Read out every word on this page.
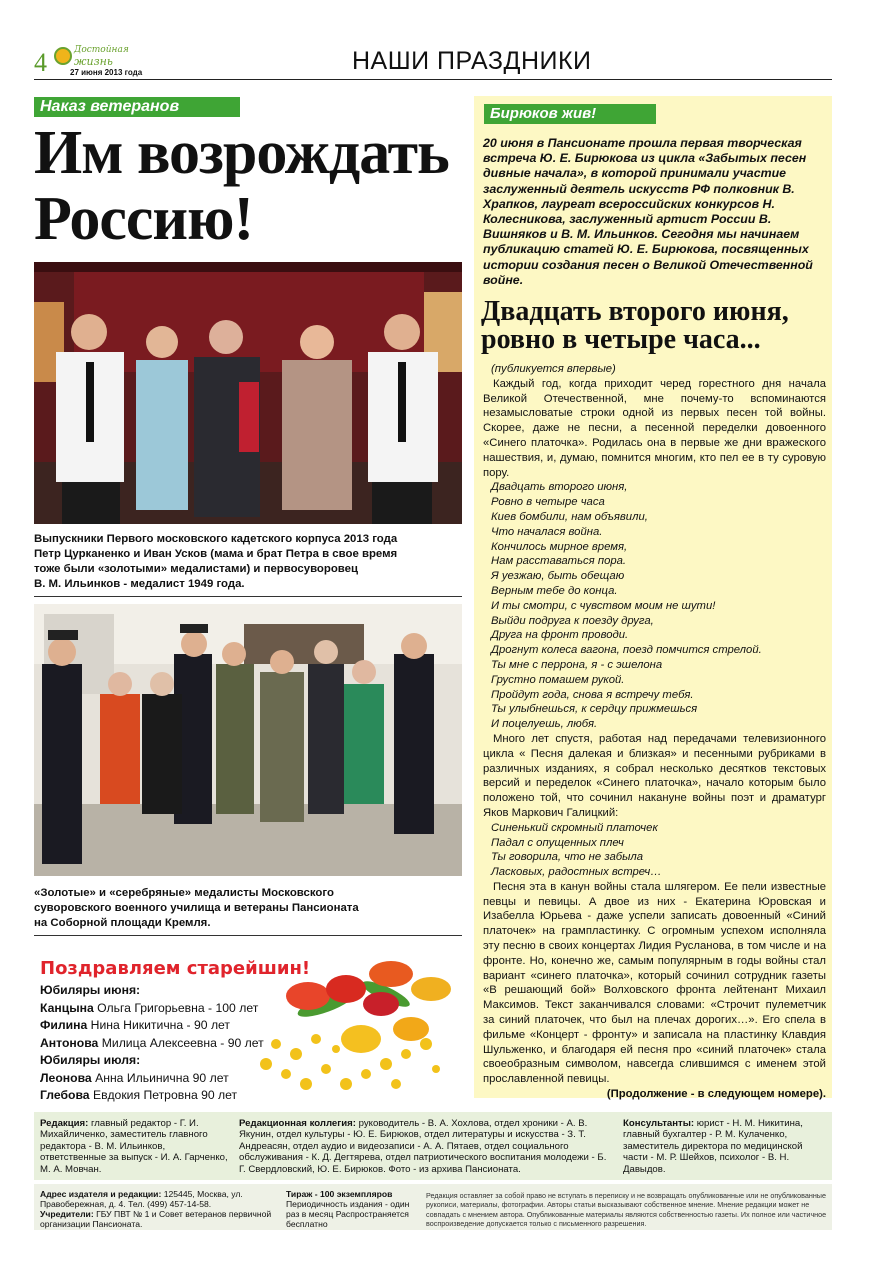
4	Достойная
жизнь
27 июня 2013 года	НАШИ ПРАЗДНИКИ
Наказ ветеранов
Им возрождать
Россию!
Выпускники Первого московского кадетского корпуса 2013 года
Петр Цурканенко и Иван Усков (мама и брат Петра в свое время
тоже были «золотыми» медалистами) и первосуворовец
В. М. Ильинков - медалист 1949 года.
«Золотые» и «серебряные» медалисты Московского
суворовского военного училища и ветераны Пансионата
на Соборной площади Кремля.
Поздравляем старейшин!
Юбиляры июня:
Канцына Ольга Григорьевна - 100 лет
Филина Нина Никитична - 90 лет
Антонова Милица Алексеевна - 90 лет
Юбиляры июля:
Леонова Анна Ильинична 90 лет
Глебова Евдокия Петровна 90 лет
Бирюков жив!
20 июня в Пансионате прошла первая творческая встреча Ю. Е. Бирюкова из цикла «Забытых песен дивные начала», в которой принимали участие заслуженный деятель искусств РФ полковник В. Храпков, лауреат всероссийских конкурсов Н. Колесникова, заслуженный артист России В. Вишняков и В. М. Ильинков. Сегодня мы начинаем публикацию статей Ю. Е. Бирюкова, посвященных истории создания песен о Великой Отечественной войне.
Двадцать второго июня,
ровно в четыре часа...

(публикуется впервые)

Каждый год, когда приходит черед горестного дня начала Великой Отечественной, мне почему-то вспоминаются незамысловатые строки одной из первых песен той войны. Скорее, даже не песни, а песенной переделки довоенного «Синего платочка». Родилась она в первые же дни вражеского нашествия, и, думаю, помнится многим, кто пел ее в ту суровую пору.

Двадцать второго июня,

Ровно в четыре часа

Киев бомбили, нам объявили,

Что началася война.

Кончилось мирное время,

Нам расставаться пора.

Я уезжаю, быть обещаю

Верным тебе до конца.

И ты смотри, с чувством моим не шути!

Выйди подруга к поезду друга,

Друга на фронт проводи.

Дрогнут колеса вагона, поезд помчится стрелой.

Ты мне с перрона, я - с эшелона

Грустно помашем рукой.

Пройдут года, снова я встречу тебя.

Ты улыбнешься, к сердцу прижмешься

И поцелуешь, любя.

Много лет спустя, работая над передачами телевизионного цикла « Песня далекая и близкая» и песенными рубриками в различных изданиях, я собрал несколько десятков текстовых версий и переделок «Синего платочка», начало которым было положено той, что сочинил накануне войны поэт и драматург Яков Маркович Галицкий:

Синенький скромный платочек

Падал с опущенных плеч

Ты говорила, что не забыла

Ласковых, радостных встреч…

Песня эта в канун войны стала шлягером. Ее пели известные певцы и певицы. А двое из них - Екатерина Юровская и Изабелла Юрьева - даже успели записать довоенный «Синий платочек» на грампластинку. С огромным успехом исполняла эту песню в своих концертах Лидия Русланова, в том числе и на фронте. Но, конечно же, самым популярным в годы войны стал вариант «синего платочка», который сочинил сотрудник газеты «В решающий бой» Волховского фронта лейтенант Михаил Максимов. Текст заканчивался словами: «Строчит пулеметчик за синий платочек, что был на плечах дорогих…». Его спела в фильме «Концерт - фронту» и записала на пластинку Клавдия Шульженко, и благодаря ей песня про «синий платочек» стала своеобразным символом, навсегда слившимся с именем этой прославленной певицы.

(Продолжение - в следующем номере).

Редакция: главный редактор - Г. И. Михайличенко, заместитель главного редактора - В. М. Ильинков, ответственные за выпуск - И. А. Гарченко, М. А. Мовчан.
Редакционная коллегия: руководитель - В. А. Хохлова, отдел хроники - А. В. Якунин, отдел культуры - Ю. Е. Бирюков, отдел литературы и искусства - З. Т. Андреасян, отдел аудио и видеозаписи - А. А. Пятаев, отдел социального обслуживания - К. Д. Дегтярева, отдел патриотического воспитания молодежи - Б. Г. Свердловский, Ю. Е. Бирюков. Фото - из архива Пансионата.
Консультанты: юрист - Н. М. Никитина, главный бухгалтер - Р. М. Кулаченко, заместитель директора по медицинской части - М. Р. Шейхов, психолог - В. Н. Давыдов.
Адрес издателя и редакции: 125445, Москва, ул. Правобережная, д. 4. Тел. (499) 457-14-58.
Учредители: ГБУ ПВТ № 1 и Совет ветеранов первичной организации Пансионата.
Тираж - 100 экземпляров
Периодичность издания - один раз в месяц Распространяется бесплатно
Редакция оставляет за собой право не вступать в переписку и не возвращать опубликованные или не опубликованные рукописи, материалы, фотографии. Авторы статьи высказывают собственное мнение. Мнение редакции может не совпадать с мнением автора. Опубликованные материалы являются собственностью газеты. Их полное или частичное воспроизведение допускается только с письменного разрешения.
